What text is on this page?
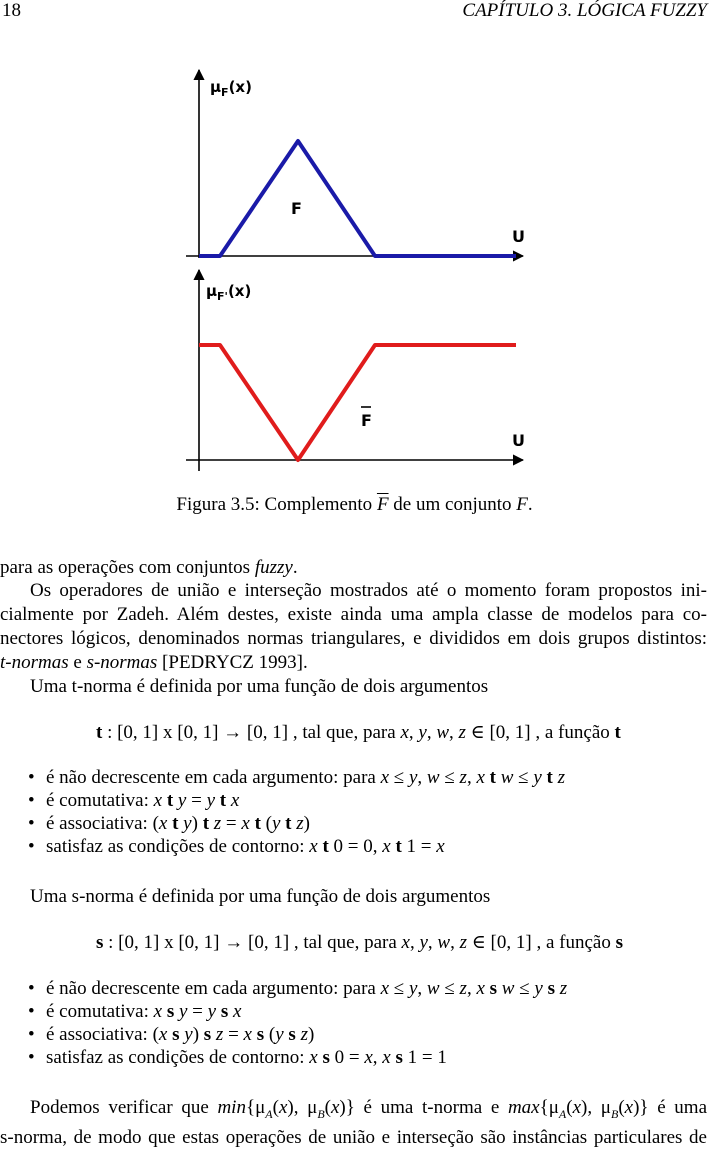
18	CAPÍTULO 3. LÓGICA FUZZY
$\mu_F(x)$
F
U
$\mu_{F'}(x)$
F
U
Figura 3.5: Complemento $\overline{F}$ de um conjunto F.
para as operações com conjuntos fuzzy.
Os operadores de união e interseção mostrados até o momento foram propostos ini-
cialmente por Zadeh. Além destes, existe ainda uma ampla classe de modelos para co-
nectores lógicos, denominados normas triangulares, e divididos em dois grupos distintos:
t-normas e s-normas [PEDRYCZ 1993].
Uma t-norma é definida por uma função de dois argumentos
t : [0, 1] x [0, 1] → [0, 1] , tal que, para x, y, w, z ∈ [0, 1] , a função t
• é não decrescente em cada argumento: para x ≤ y, w ≤ z, x t w ≤ y t z
• é comutativa: x t y = y t x
• é associativa: (x t y) t z = x t (y t z)
• satisfaz as condições de contorno: x t 0 = 0, x t 1 = x
Uma s-norma é definida por uma função de dois argumentos
s : [0, 1] x [0, 1] → [0, 1] , tal que, para x, y, w, z ∈ [0, 1] , a função s
• é não decrescente em cada argumento: para x ≤ y, w ≤ z, x s w ≤ y s z
• é comutativa: x s y = y s x
• é associativa: (x s y) s z = x s (y s z)
• satisfaz as condições de contorno: x s 0 = x, x s 1 = 1
Podemos verificar que $\min\{\mu_A(x)$, $\mu_B(x)$} é uma t-norma e $\max\{\mu_A(x)$, $\mu_B(x)$} é uma
s-norma, de modo que estas operações de união e interseção são instâncias particulares de
